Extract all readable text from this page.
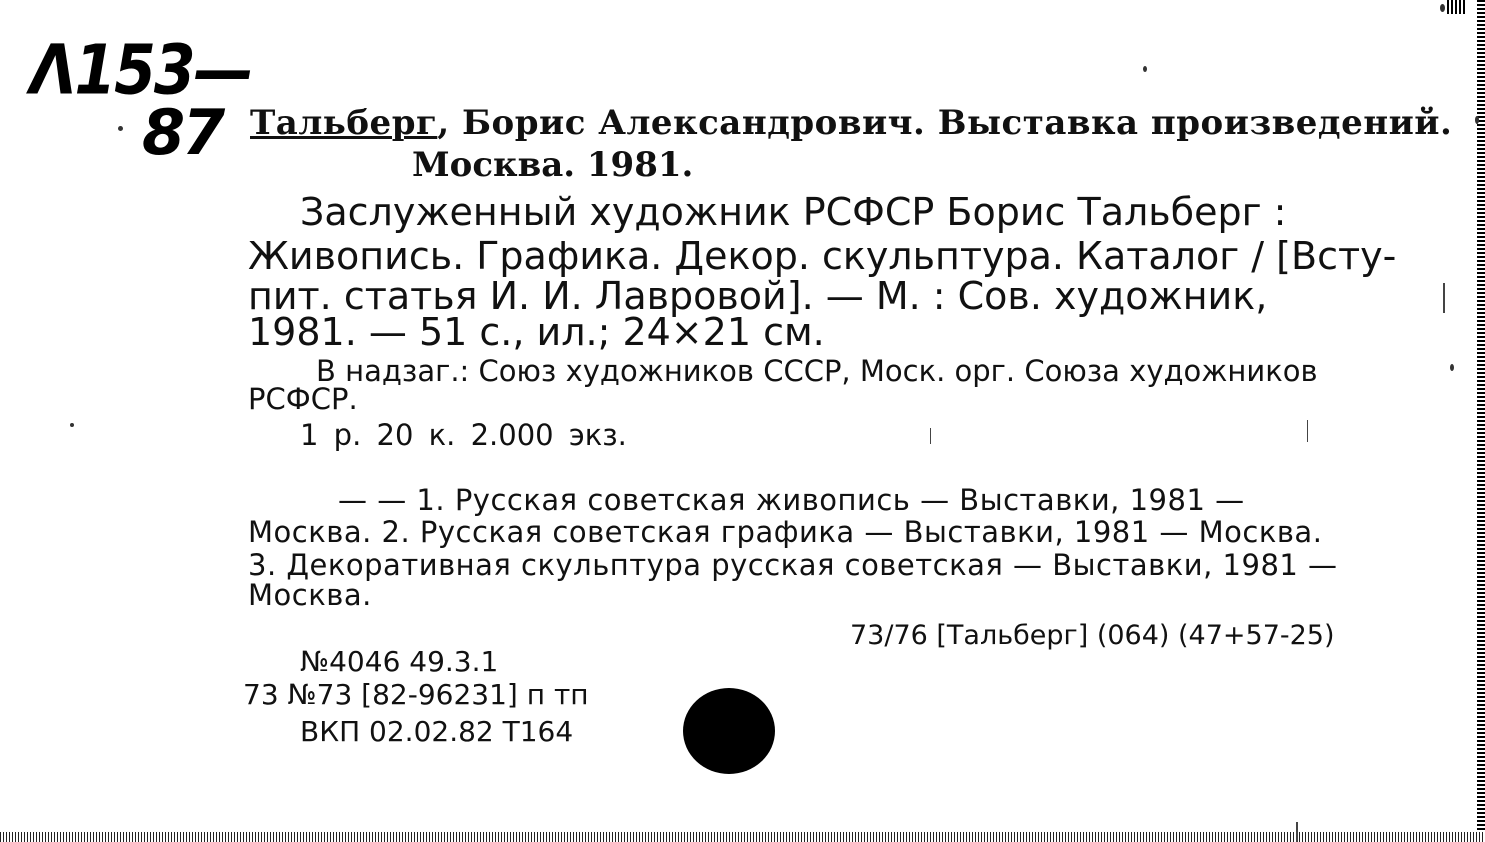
Λ153—
87 Тальберг, Борис Александрович. Выставка произведений.
Москва. 1981.
Заслуженный художник РСФСР Борис Тальберг :
Живопись. Графика. Декор. скульптура. Каталог / [Всту-
пит. статья И. И. Лавровой]. — М. : Сов. художник,
1981. — 51 с., ил.; 24×21 см.
В надзаг.: Союз художников СССР, Моск. орг. Союза художников
РСФСР.
1 р. 20 к. 2.000 экз.
— — 1. Русская советская живопись — Выставки, 1981 —
Москва. 2. Русская советская графика — Выставки, 1981 — Москва.
3. Декоративная скульптура русская советская — Выставки, 1981 —
Москва.
73/76 [Тальберг] (064) (47+57-25)
№4046 49.3.1
73 №73 [82-96231] п тп
ВКП 02.02.82 Т164
